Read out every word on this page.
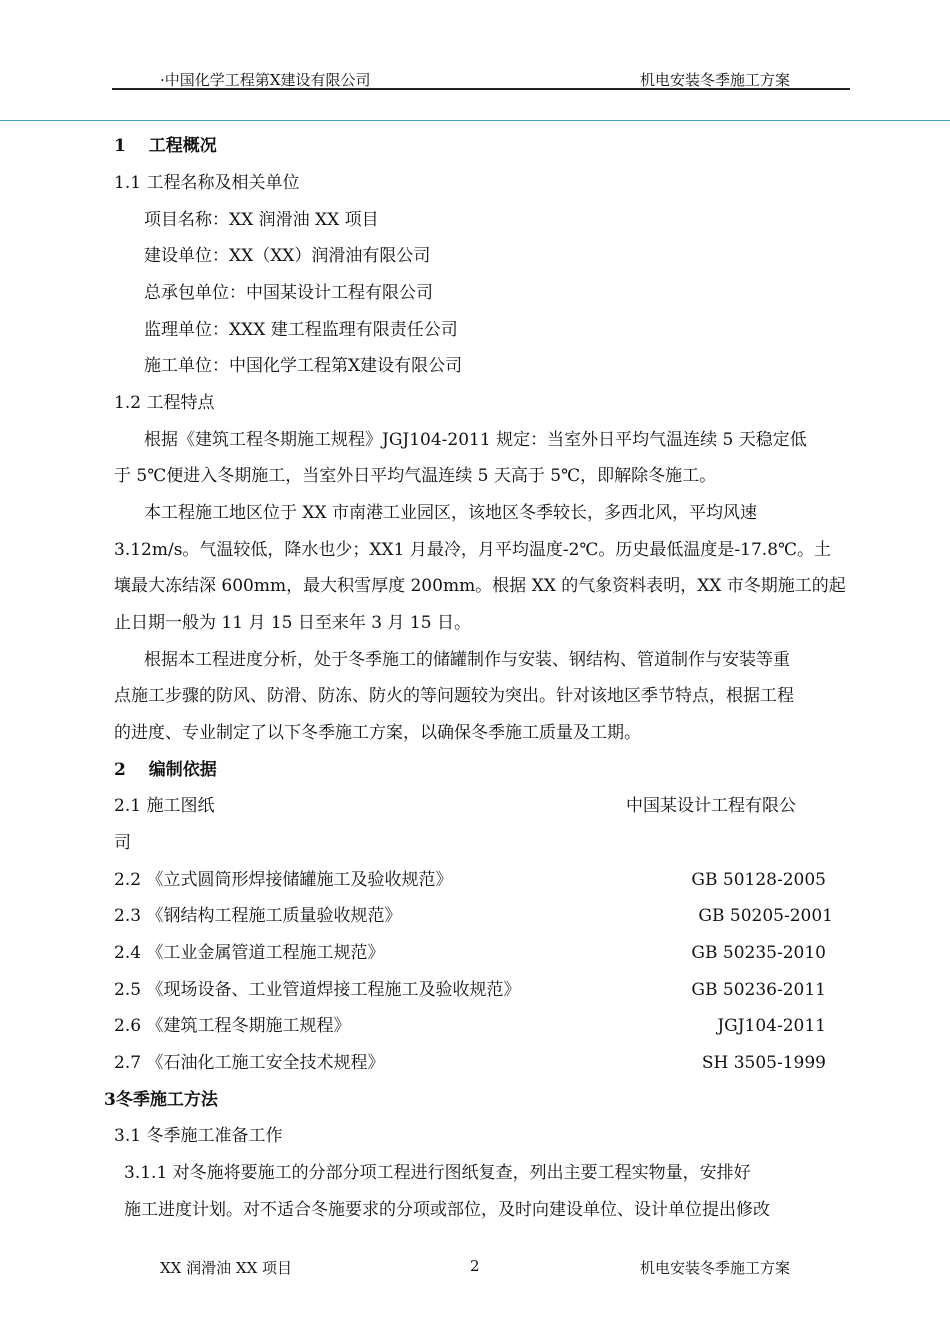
·中国化学工程第Ⅹ建设有限公司	机电安装冬季施工方案
1　 工程概况
1.1 工程名称及相关单位
项目名称：XX 润滑油 XX 项目
建设单位：XX（XX）润滑油有限公司
总承包单位：中国某设计工程有限公司
监理单位：XXX 建工程监理有限责任公司
施工单位：中国化学工程第Ⅹ建设有限公司
1.2 工程特点
根据《建筑工程冬期施工规程》JGJ104-2011 规定：当室外日平均气温连续 5 天稳定低
于 5℃便进入冬期施工，当室外日平均气温连续 5 天高于 5℃，即解除冬施工。
本工程施工地区位于 XX 市南港工业园区，该地区冬季较长，多西北风，平均风速
3.12m/s。气温较低，降水也少；XX1 月最冷，月平均温度-2℃。历史最低温度是-17.8℃。土
壤最大冻结深 600mm，最大积雪厚度 200mm。根据 XX 的气象资料表明，XX 市冬期施工的起
止日期一般为 11 月 15 日至来年 3 月 15 日。
根据本工程进度分析，处于冬季施工的储罐制作与安装、钢结构、管道制作与安装等重
点施工步骤的防风、防滑、防冻、防火的等问题较为突出。针对该地区季节特点，根据工程
的进度、专业制定了以下冬季施工方案，以确保冬季施工质量及工期。
2　 编制依据
2.1 施工图纸	中国某设计工程有限公
司
2.2 《立式圆筒形焊接储罐施工及验收规范》	GB 50128-2005
2.3 《钢结构工程施工质量验收规范》	GB 50205-2001
2.4 《工业金属管道工程施工规范》	GB 50235-2010
2.5 《现场设备、工业管道焊接工程施工及验收规范》	GB 50236-2011
2.6 《建筑工程冬期施工规程》	JGJ104-2011
2.7 《石油化工施工安全技术规程》	SH 3505-1999
3冬季施工方法
3.1 冬季施工准备工作
3.1.1 对冬施将要施工的分部分项工程进行图纸复查，列出主要工程实物量，安排好
施工进度计划。对不适合冬施要求的分项或部位，及时向建设单位、设计单位提出修改
XX 润滑油 XX 项目	2	机电安装冬季施工方案
